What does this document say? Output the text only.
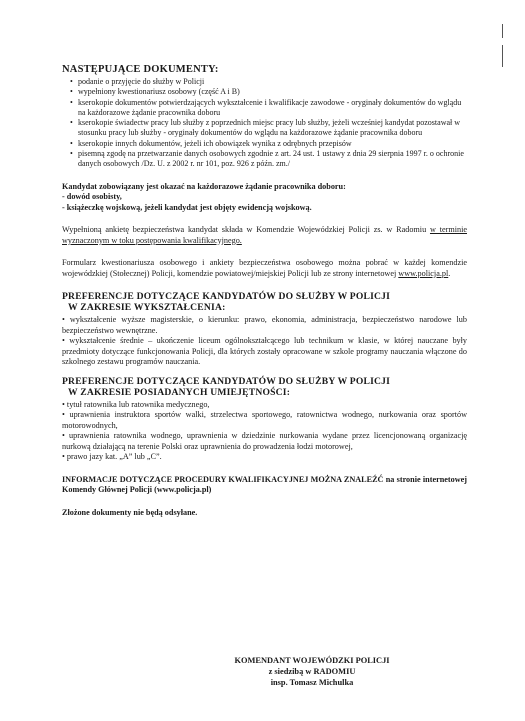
NASTĘPUJĄCE DOKUMENTY:
• podanie o przyjęcie do służby w Policji
• wypełniony kwestionariusz osobowy (część A i B)
• kserokopie dokumentów potwierdzających wykształcenie i kwalifikacje zawodowe - oryginały dokumentów do wglądu na każdorazowe żądanie pracownika doboru
• kserokopie świadectw pracy lub służby z poprzednich miejsc pracy lub służby, jeżeli wcześniej kandydat pozostawał w stosunku pracy lub służby - oryginały dokumentów do wglądu na każdorazowe żądanie pracownika doboru
• kserokopie innych dokumentów, jeżeli ich obowiązek wynika z odrębnych przepisów
• pisemną zgodę na przetwarzanie danych osobowych zgodnie z art. 24 ust. 1 ustawy z dnia 29 sierpnia 1997 r. o ochronie danych osobowych /Dz. U. z 2002 r. nr 101, poz. 926 z późn. zm./

Kandydat zobowiązany jest okazać na każdorazowe żądanie pracownika doboru:

- dowód osobisty,

- książeczkę wojskową, jeżeli kandydat jest objęty ewidencją wojskową.

Wypełnioną ankietę bezpieczeństwa kandydat składa w Komendzie Wojewódzkiej Policji zs. w Radomiu w terminie wyznaczonym w toku postępowania kwalifikacyjnego.

Formularz kwestionariusza osobowego i ankiety bezpieczeństwa osobowego można pobrać w każdej komendzie wojewódzkiej (Stołecznej) Policji, komendzie powiatowej/miejskiej Policji lub ze strony internetowej www.policja.pl.

PREFERENCJE DOTYCZĄCE KANDYDATÓW DO SŁUŻBY W POLICJI
W ZAKRESIE WYKSZTAŁCENIA:

• wykształcenie wyższe magisterskie, o kierunku: prawo, ekonomia, administracja, bezpieczeństwo narodowe lub bezpieczeństwo wewnętrzne.

• wykształcenie średnie – ukończenie liceum ogólnokształcącego lub technikum w klasie, w której nauczane były przedmioty dotyczące funkcjonowania Policji, dla których zostały opracowane w szkole programy nauczania włączone do szkolnego zestawu programów nauczania.

PREFERENCJE DOTYCZĄCE KANDYDATÓW DO SŁUŻBY W POLICJI
W ZAKRESIE POSIADANYCH UMIEJĘTNOŚCI:

• tytuł ratownika lub ratownika medycznego,

• uprawnienia instruktora sportów walki, strzelectwa sportowego, ratownictwa wodnego, nurkowania oraz sportów motorowodnych,

• uprawnienia ratownika wodnego, uprawnienia w dziedzinie nurkowania wydane przez licencjonowaną organizację nurkową działającą na terenie Polski oraz uprawnienia do prowadzenia łodzi motorowej,

• prawo jazy kat. „A” lub „C”.

INFORMACJE DOTYCZĄCE PROCEDURY KWALIFIKACYJNEJ MOŻNA ZNALEŹĆ na stronie internetowej Komendy Głównej Policji (www.policja.pl)

Złożone dokumenty nie będą odsyłane.

KOMENDANT WOJEWÓDZKI POLICJI
z siedzibą w RADOMIU
insp. Tomasz Michulka
